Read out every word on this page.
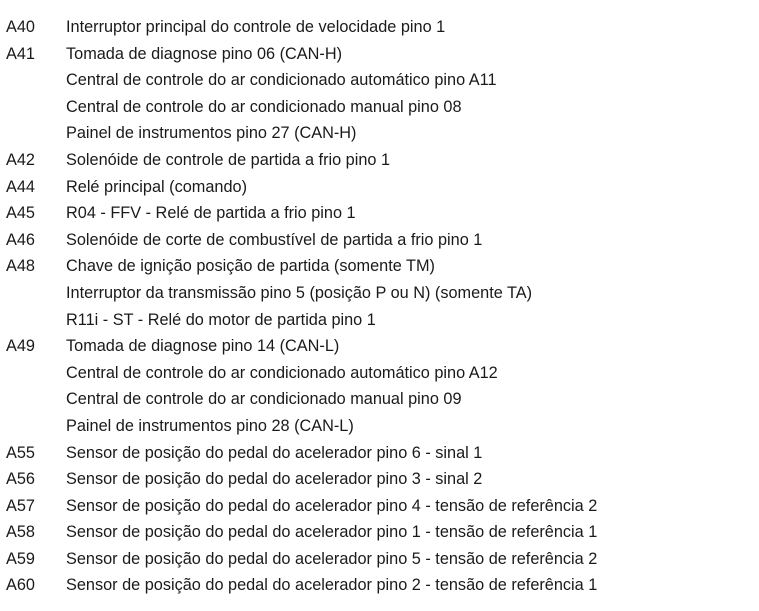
A40	Interruptor principal do controle de velocidade pino 1
A41	Tomada de diagnose pino 06 (CAN-H)
Central de controle do ar condicionado automático pino A11
Central de controle do ar condicionado manual pino 08
Painel de instrumentos pino 27 (CAN-H)
A42	Solenóide de controle de partida a frio pino 1
A44	Relé principal (comando)
A45	R04 - FFV - Relé de partida a frio pino 1
A46	Solenóide de corte de combustível de partida a frio pino 1
A48	Chave de ignição posição de partida (somente TM)
Interruptor da transmissão pino 5 (posição P ou N) (somente TA)
R11i - ST - Relé do motor de partida pino 1
A49	Tomada de diagnose pino 14 (CAN-L)
Central de controle do ar condicionado automático pino A12
Central de controle do ar condicionado manual pino 09
Painel de instrumentos pino 28 (CAN-L)
A55	Sensor de posição do pedal do acelerador pino 6 - sinal 1
A56	Sensor de posição do pedal do acelerador pino 3 - sinal 2
A57	Sensor de posição do pedal do acelerador pino 4 - tensão de referência 2
A58	Sensor de posição do pedal do acelerador pino 1 - tensão de referência 1
A59	Sensor de posição do pedal do acelerador pino 5 - tensão de referência 2
A60	Sensor de posição do pedal do acelerador pino 2 - tensão de referência 1
